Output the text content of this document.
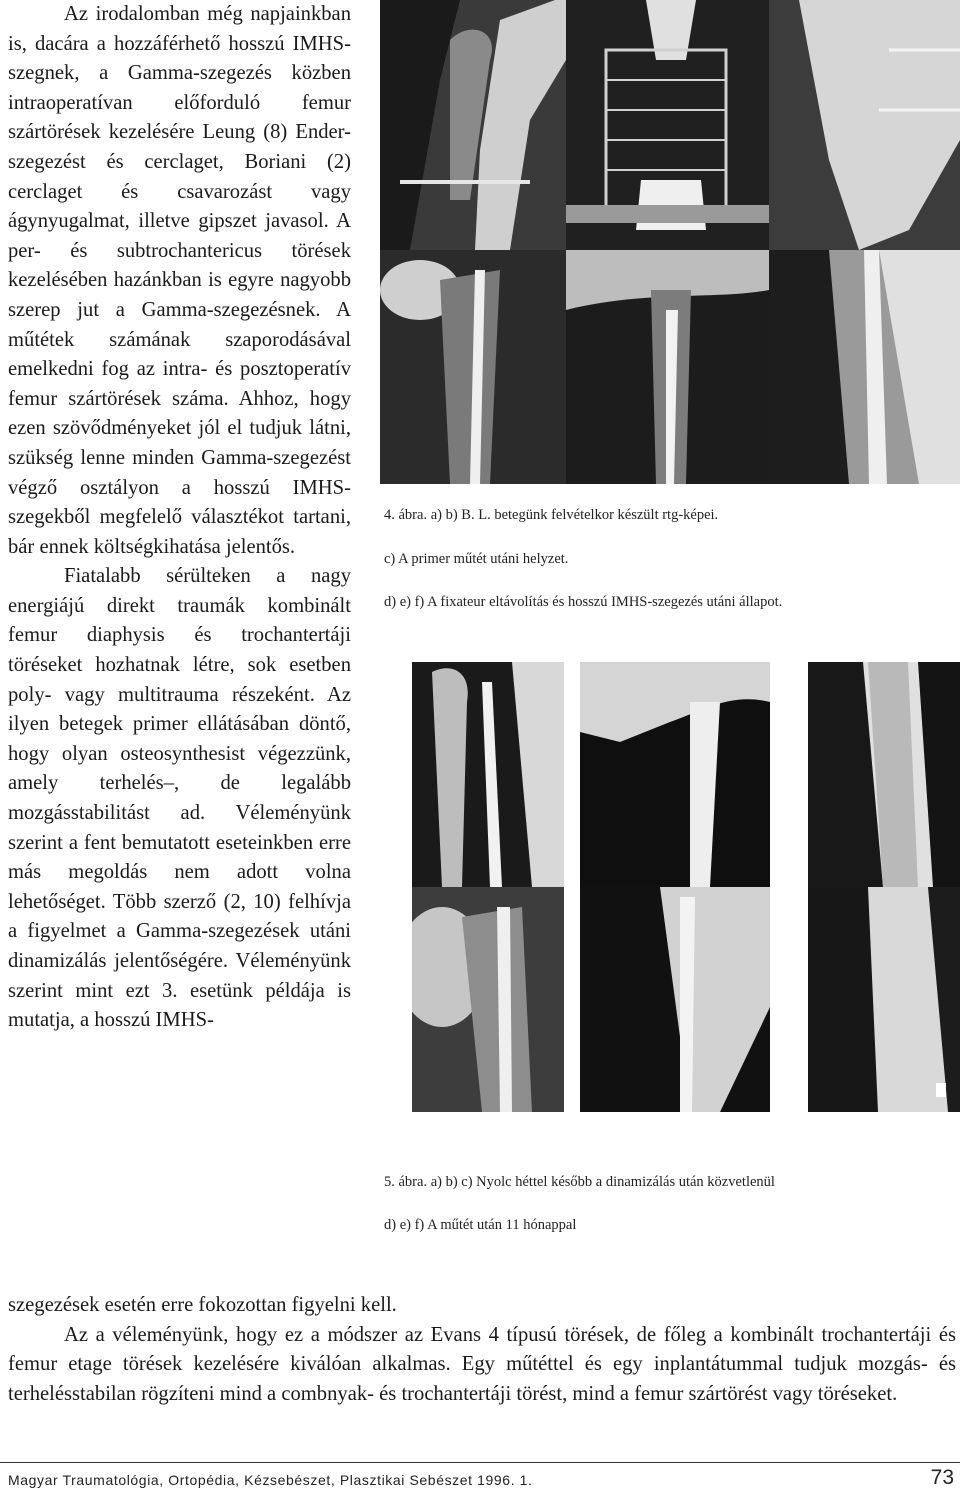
Az irodalomban még napjainkban is, dacára a hozzáférhető hosszú IMHS-szegnek, a Gamma-szegezés közben intraoperatívan előforduló femur szártörések kezelésére Leung (8) Ender-szegezést és cerclaget, Boriani (2) cerclaget és csavarozást vagy ágynyugalmat, illetve gipszet javasol. A per- és subtrochantericus törések kezelésében hazánkban is egyre nagyobb szerep jut a Gamma-szegezésnek. A műtétek számának szaporodásával emelkedni fog az intra- és posztoperatív femur szártörések száma. Ahhoz, hogy ezen szövődményeket jól el tudjuk látni, szükség lenne minden Gamma-szegezést végző osztályon a hosszú IMHS-szegekből megfelelő választékot tartani, bár ennek költségkihatása jelentős.

Fiatalabb sérülteken a nagy energiájú direkt traumák kombinált femur diaphysis és trochantertáji töréseket hozhatnak létre, sok esetben poly- vagy multitrauma részeként. Az ilyen betegek primer ellátásában döntő, hogy olyan osteosynthesist végezzünk, amely terhelés–, de legalább mozgásstabilitást ad. Véleményünk szerint a fent bemutatott eseteinkben erre más megoldás nem adott volna lehetőséget. Több szerző (2, 10) felhívja a figyelmet a Gamma-szegezések utáni dinamizálás jelentőségére. Véleményünk szerint mint ezt 3. esetünk példája is mutatja, a hosszú IMHS-

4. ábra. a) b) B. L. betegünk felvételkor készült rtg-képei.
c) A primer műtét utáni helyzet.
d) e) f) A fixateur eltávolítás és hosszú IMHS-szegezés utáni állapot.
5. ábra. a) b) c) Nyolc héttel később a dinamizálás után közvetlenül
d) e) f) A műtét után 11 hónappal

szegezések esetén erre fokozottan figyelni kell.

Az a véleményünk, hogy ez a módszer az Evans 4 típusú törések, de főleg a kombinált trochantertáji és femur etage törések kezelésére kiválóan alkalmas. Egy műtéttel és egy inplantátummal tudjuk mozgás- és terhelésstabilan rögzíteni mind a combnyak- és trochantertáji törést, mind a femur szártörést vagy töréseket.

Magyar Traumatológia, Ortopédia, Kézsebészet, Plasztikai Sebészet 1996. 1.	73
